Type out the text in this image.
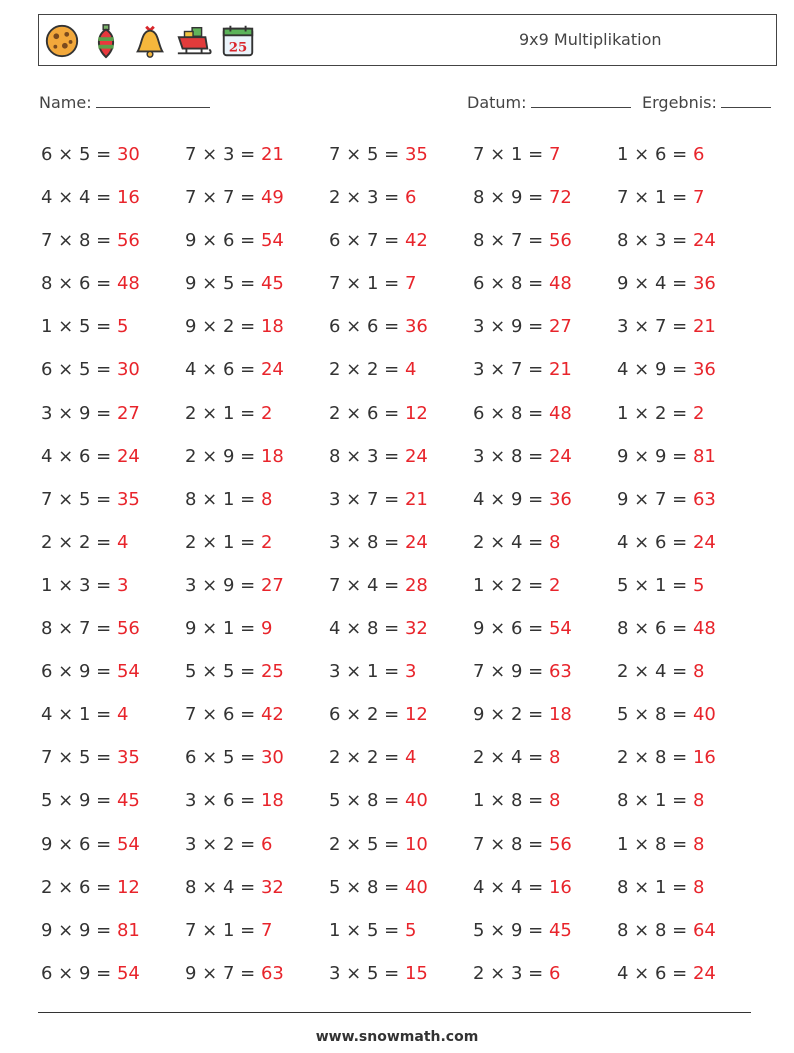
25	9x9 Multiplikation
Name:	Datum:	Ergebnis:
6 × 5 = 30	7 × 3 = 21	7 × 5 = 35	7 × 1 = 7	1 × 6 = 6
4 × 4 = 16	7 × 7 = 49	2 × 3 = 6	8 × 9 = 72	7 × 1 = 7
7 × 8 = 56	9 × 6 = 54	6 × 7 = 42	8 × 7 = 56	8 × 3 = 24
8 × 6 = 48	9 × 5 = 45	7 × 1 = 7	6 × 8 = 48	9 × 4 = 36
1 × 5 = 5	9 × 2 = 18	6 × 6 = 36	3 × 9 = 27	3 × 7 = 21
6 × 5 = 30	4 × 6 = 24	2 × 2 = 4	3 × 7 = 21	4 × 9 = 36
3 × 9 = 27	2 × 1 = 2	2 × 6 = 12	6 × 8 = 48	1 × 2 = 2
4 × 6 = 24	2 × 9 = 18	8 × 3 = 24	3 × 8 = 24	9 × 9 = 81
7 × 5 = 35	8 × 1 = 8	3 × 7 = 21	4 × 9 = 36	9 × 7 = 63
2 × 2 = 4	2 × 1 = 2	3 × 8 = 24	2 × 4 = 8	4 × 6 = 24
1 × 3 = 3	3 × 9 = 27	7 × 4 = 28	1 × 2 = 2	5 × 1 = 5
8 × 7 = 56	9 × 1 = 9	4 × 8 = 32	9 × 6 = 54	8 × 6 = 48
6 × 9 = 54	5 × 5 = 25	3 × 1 = 3	7 × 9 = 63	2 × 4 = 8
4 × 1 = 4	7 × 6 = 42	6 × 2 = 12	9 × 2 = 18	5 × 8 = 40
7 × 5 = 35	6 × 5 = 30	2 × 2 = 4	2 × 4 = 8	2 × 8 = 16
5 × 9 = 45	3 × 6 = 18	5 × 8 = 40	1 × 8 = 8	8 × 1 = 8
9 × 6 = 54	3 × 2 = 6	2 × 5 = 10	7 × 8 = 56	1 × 8 = 8
2 × 6 = 12	8 × 4 = 32	5 × 8 = 40	4 × 4 = 16	8 × 1 = 8
9 × 9 = 81	7 × 1 = 7	1 × 5 = 5	5 × 9 = 45	8 × 8 = 64
6 × 9 = 54	9 × 7 = 63	3 × 5 = 15	2 × 3 = 6	4 × 6 = 24
www.snowmath.com
